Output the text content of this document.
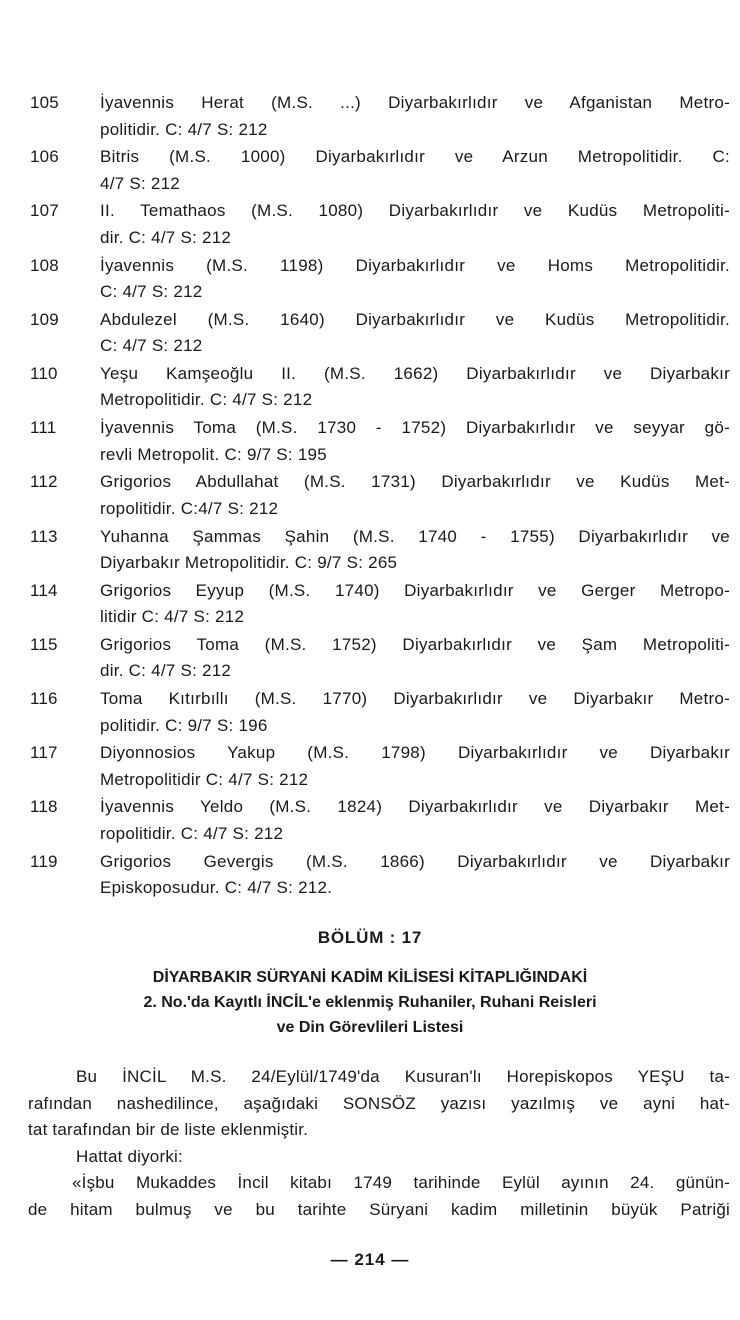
105	İyavennis Herat (M.S. ...) Diyarbakırlıdır ve Afganistan Metro-
politidir. C: 4/7 S: 212
106	Bitris (M.S. 1000) Diyarbakırlıdır ve Arzun Metropolitidir. C:
4/7 S: 212
107	II. Temathaos (M.S. 1080) Diyarbakırlıdır ve Kudüs Metropoliti-
dir. C: 4/7 S: 212
108	İyavennis (M.S. 1198) Diyarbakırlıdır ve Homs Metropolitidir.
C: 4/7 S: 212
109	Abdulezel (M.S. 1640) Diyarbakırlıdır ve Kudüs Metropolitidir.
C: 4/7 S: 212
110	Yeşu Kamşeoğlu II. (M.S. 1662) Diyarbakırlıdır ve Diyarbakır
Metropolitidir. C: 4/7 S: 212
111	İyavennis Toma (M.S. 1730 - 1752) Diyarbakırlıdır ve seyyar gö-
revli Metropolit. C: 9/7 S: 195
112	Grigorios Abdullahat (M.S. 1731) Diyarbakırlıdır ve Kudüs Met-
ropolitidir. C:4/7 S: 212
113	Yuhanna Şammas Şahin (M.S. 1740 - 1755) Diyarbakırlıdır ve
Diyarbakır Metropolitidir. C: 9/7 S: 265
114	Grigorios Eyyup (M.S. 1740) Diyarbakırlıdır ve Gerger Metropo-
litidir C: 4/7 S: 212
115	Grigorios Toma (M.S. 1752) Diyarbakırlıdır ve Şam Metropoliti-
dir. C: 4/7 S: 212
116	Toma Kıtırbıllı (M.S. 1770) Diyarbakırlıdır ve Diyarbakır Metro-
politidir. C: 9/7 S: 196
117	Diyonnosios Yakup (M.S. 1798) Diyarbakırlıdır ve Diyarbakır
Metropolitidir C: 4/7 S: 212
118	İyavennis Yeldo (M.S. 1824) Diyarbakırlıdır ve Diyarbakır Met-
ropolitidir. C: 4/7 S: 212
119	Grigorios Gevergis (M.S. 1866) Diyarbakırlıdır ve Diyarbakır
Episkoposudur. C: 4/7 S: 212.
BÖLÜM : 17
DİYARBAKIR SÜRYANİ KADİM KİLİSESİ KİTAPLIĞINDAKİ
2. No.'da Kayıtlı İNCİL'e eklenmiş Ruhaniler, Ruhani Reisleri
ve Din Görevlileri Listesi
Bu İNCİL M.S. 24/Eylül/1749'da Kusuran'lı Horepiskopos YEŞU ta-
rafından nashedilince, aşağıdaki SONSÖZ yazısı yazılmış ve ayni hat-
tat tarafından bir de liste eklenmiştir.
Hattat diyorki:
«İşbu Mukaddes İncil kitabı 1749 tarihinde Eylül ayının 24. günün-
de hitam bulmuş ve bu tarihte Süryani kadim milletinin büyük Patriği
— 214 —
